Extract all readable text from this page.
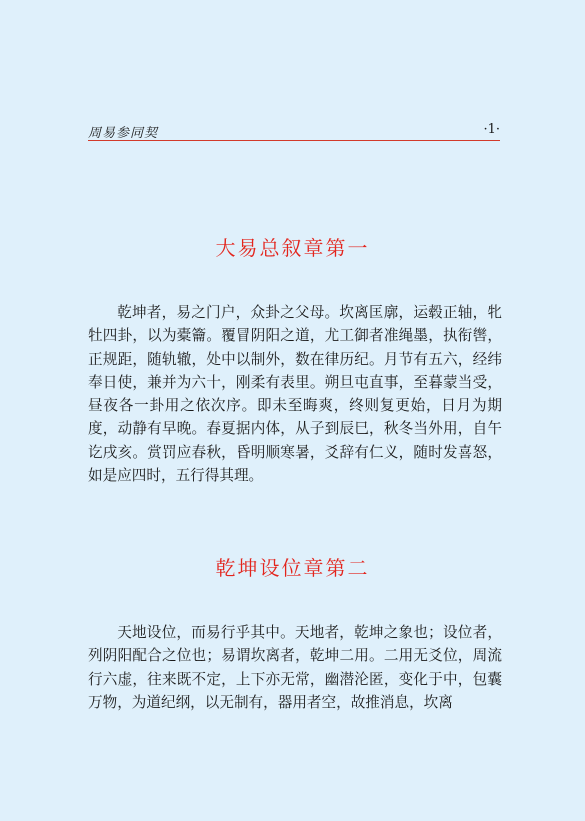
周易参同契	·1·
大易总叙章第一

乾坤者，易之门户，众卦之父母。坎离匡廓，运毂正轴，牝牡四卦，以为橐籥。覆冒阴阳之道，尤工御者准绳墨，执衔辔，正规距，随轨辙，处中以制外，数在律历纪。月节有五六，经纬奉日使，兼并为六十，刚柔有表里。朔旦屯直事，至暮蒙当受，昼夜各一卦用之依次序。即未至晦爽，终则复更始，日月为期度，动静有早晚。春夏据内体，从子到辰巳，秋冬当外用，自午讫戌亥。赏罚应春秋，昏明顺寒暑，爻辞有仁义，随时发喜怒，如是应四时，五行得其理。

乾坤设位章第二

天地设位，而易行乎其中。天地者，乾坤之象也；设位者，列阴阳配合之位也；易谓坎离者，乾坤二用。二用无爻位，周流行六虚，往来既不定，上下亦无常，幽潜沦匿，变化于中，包囊万物，为道纪纲，以无制有，器用者空，故推消息，坎离
